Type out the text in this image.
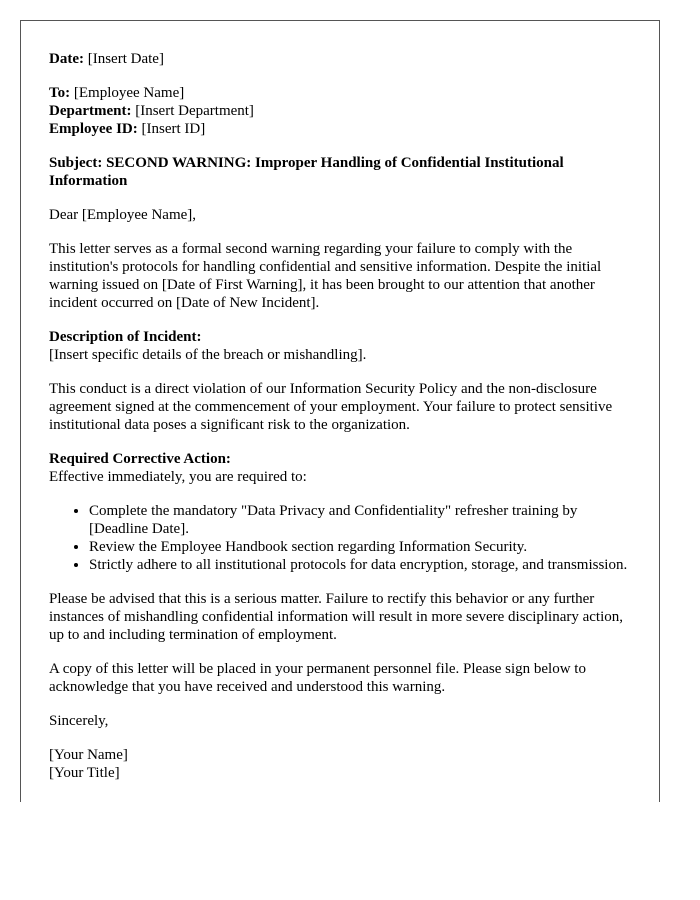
Date: [Insert Date]
To: [Employee Name]
Department: [Insert Department]
Employee ID: [Insert ID]
Subject: SECOND WARNING: Improper Handling of Confidential Institutional Information
Dear [Employee Name],
This letter serves as a formal second warning regarding your failure to comply with the institution's protocols for handling confidential and sensitive information. Despite the initial warning issued on [Date of First Warning], it has been brought to our attention that another incident occurred on [Date of New Incident].
Description of Incident:
[Insert specific details of the breach or mishandling].
This conduct is a direct violation of our Information Security Policy and the non-disclosure agreement signed at the commencement of your employment. Your failure to protect sensitive institutional data poses a significant risk to the organization.
Required Corrective Action:
Effective immediately, you are required to:
• Complete the mandatory "Data Privacy and Confidentiality" refresher training by [Deadline Date].
• Review the Employee Handbook section regarding Information Security.
• Strictly adhere to all institutional protocols for data encryption, storage, and transmission.
Please be advised that this is a serious matter. Failure to rectify this behavior or any further instances of mishandling confidential information will result in more severe disciplinary action, up to and including termination of employment.
A copy of this letter will be placed in your permanent personnel file. Please sign below to acknowledge that you have received and understood this warning.
Sincerely,
[Your Name]
[Your Title]
